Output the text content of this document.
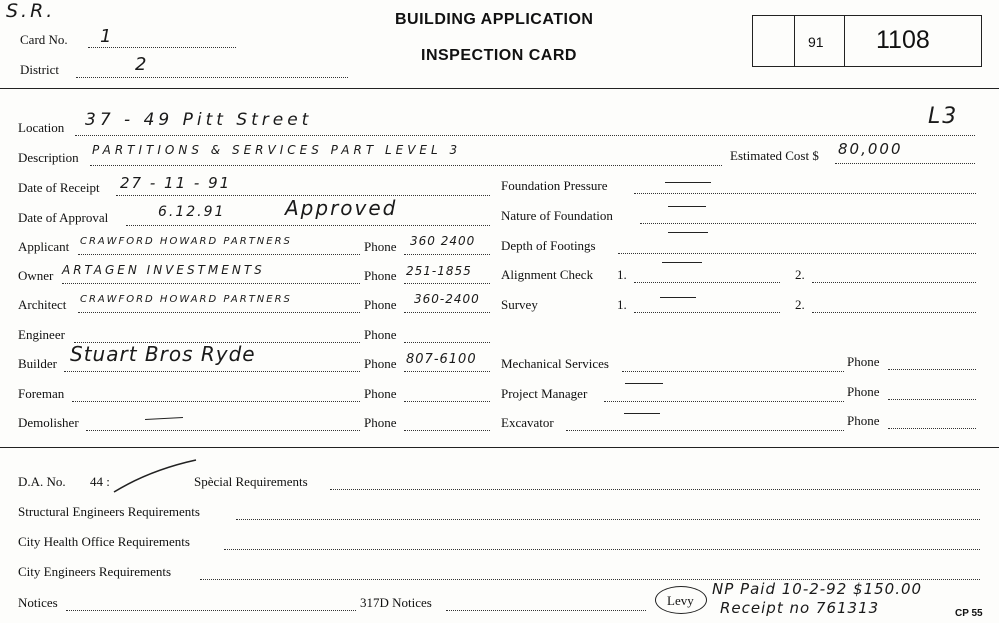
S.R.
Card No. 1
District	2
BUILDING APPLICATION
INSPECTION CARD
91 1108
Location 37 - 49 Pitt Street	L3
Description PARTITIONS & SERVICES PART LEVEL 3	Estimated Cost $ 80,000
Date of Receipt 27 - 11 - 91
Date of Approval	6.12.91	Approved
Applicant CRAWFORD HOWARD PARTNERS	Phone 360 2400
Owner ARTAGEN INVESTMENTS	Phone 251-1855
Architect CRAWFORD HOWARD PARTNERS	Phone 360-2400
Engineer	Phone
Builder Stuart Bros Ryde	Phone 807-6100
Foreman	Phone
Demolisher	Phone
Foundation Pressure
Nature of Foundation
Depth of Footings
Alignment Check 1.	2.
Survey	1.	2.
Mechanical Services	Phone
Project Manager	Phone
Excavator	Phone
D.A. No. 44 :	Spècial Requirements
Structural Engineers Requirements
City Health Office Requirements
City Engineers Requirements
Notices	317D Notices	Levy
NP Paid 10-2-92 $150.00
Receipt no 761313	CP 55
